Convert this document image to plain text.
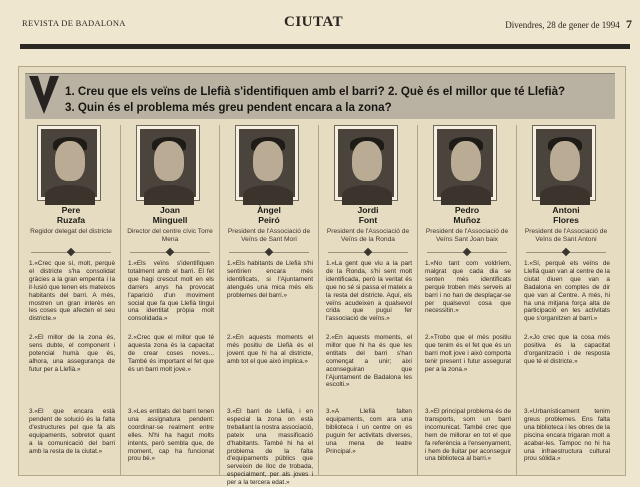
REVISTA DE BADALONA	CIUTAT	Divendres, 28 de gener de 1994 7
1. Creu que els veïns de Llefià s'identifiquen amb el barri? 2. Què és el millor que té Llefià?
3. Quin és el problema més greu pendent encara a la zona?
Pere
Ruzafa
Regidor delegat del districte
1.«Crec que sí, molt, perquè el districte s'ha consolidat gràcies a la gran empenta i la il·lusió que tenen els mateixos habitants del barri. A més, mostren un gran interès en les coses que afecten el seu districte.»
2.«El millor de la zona és, sens dubte, el component i potencial humà que és, alhora, una assegurança de futur per a Llefià.»
3.«El que encara està pendent de solució és la falta d'estructures pel que fa als equipaments, sobretot quant a la comunicació del barri amb la resta de la ciutat.»
Joan
Minguell
Director del centre cívic Torre Mena
1.«Els veïns s'identifiquen totalment amb el barri. El fet que hagi crescut molt en els darrers anys ha provocat l'aparició d'un moviment social que fa que Llefià tingui una identitat pròpia molt consolidada.»
2.«Crec que el millor que té aquesta zona és la capacitat de crear coses noves... També és important el fet que és un barri molt jove.»
3.«Les entitats del barri tenen una assignatura pendent: coordinar-se realment entre elles. N'hi ha hagut molts intents, però sembla que, de moment, cap ha funcionat prou bé.»
Àngel
Peiró
President de l'Associació de Veïns de Sant Mori
1.«Els habitants de Llefià s'hi sentirien encara més identificats, si l'Ajuntament atengués una mica més els problemes del barri.»
2.«En aquests moments el més positiu de Llefià és el jovent que hi ha al districte, amb tot el que això implica.»
3.«El barri de Llefià, i en especial la zona on està treballant la nostra associació, pateix una massificació d'habitants. També hi ha el problema de la falta d'equipaments públics que serveixin de lloc de trobada, especialment, per als joves i per a la tercera edat.»
Jordi
Font
President de l'Associació de Veïns de la Ronda
1.«La gent que viu a la part de la Ronda, s'hi sent molt identificada, però la veritat és que no sé si passa el mateix a la resta del districte. Aquí, els veïns acudeixen a qualsevol crida que pugui fer l'associació de veïns.»
2.«En aquests moments, el millor que hi ha és que les entitats del barri s'han començat a unir; així aconseguiran que l'Ajuntament de Badalona les escolti.»
3.«A Llefià falten equipaments, com ara una biblioteca i un centre on es puguin fer activitats diverses, una mena de teatre Principal.»
Pedro
Muñoz
President de l'Associació de Veïns Sant Joan baix
1.«No tant com voldríem, malgrat que cada dia se senten més identificats perquè troben més serveis al barri i no han de desplaçar-se per qualsevol cosa que necessitin.»
2.«Trobo que el més positiu que tenim és el fet que és un barri molt jove i això comporta tenir present i futur assegurat per a la zona.»
3.«El principal problema és de transports, som un barri incomunicat. També crec que hem de millorar en tot el que fa referència a l'ensenyament, i hem de lluitar per aconseguir una biblioteca al barri.»
Antoni
Flores
President de l'Associació de Veïns de Sant Antoni
1.«Sí, perquè els veïns de Llefià quan van al centre de la ciutat diuen que van a Badalona en comptes de dir que van al Centre. A més, hi ha una mitjana força alta de participació en les activitats que s'organitzen al barri.»
2.«Jo crec que la cosa més positiva és la capacitat d'organització i de resposta que té el districte.»
3.«Urbanísticament tenim greus problemes. Ens falta una biblioteca i les obres de la piscina encara trigaran molt a acabar-les. Tampoc no hi ha una infraestructura cultural prou sòlida.»
